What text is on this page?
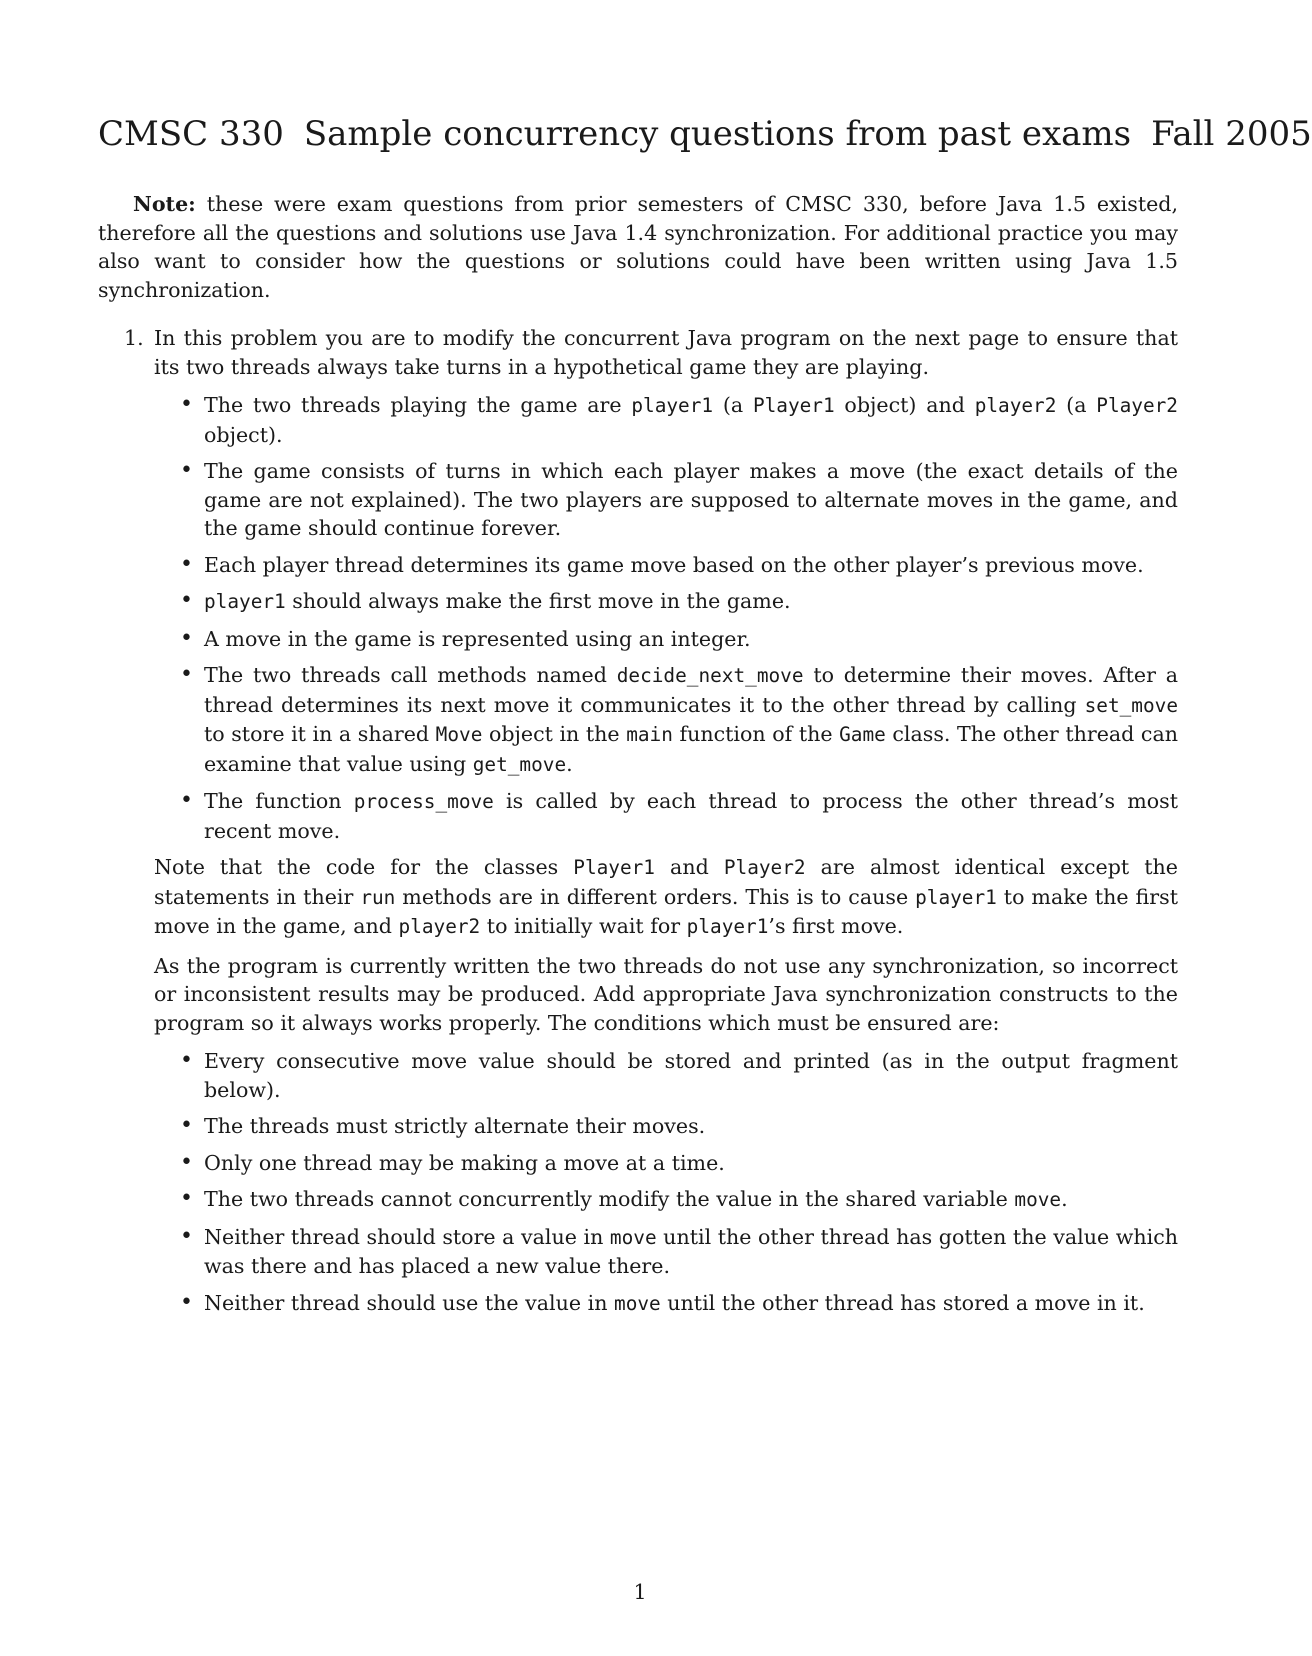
CMSC 330 Sample concurrency questions from past exams Fall 2005

Note: these were exam questions from prior semesters of CMSC 330, before Java 1.5 existed, therefore all the questions and solutions use Java 1.4 synchronization. For additional practice you may also want to consider how the questions or solutions could have been written using Java 1.5 synchronization.

1. In this problem you are to modify the concurrent Java program on the next page to ensure that its two threads always take turns in a hypothetical game they are playing.

• The two threads playing the game are player1 (a Player1 object) and player2 (a Player2 object).
• The game consists of turns in which each player makes a move (the exact details of the game are not explained). The two players are supposed to alternate moves in the game, and the game should continue forever.
• Each player thread determines its game move based on the other player’s previous move.
• player1 should always make the first move in the game.
• A move in the game is represented using an integer.
• The two threads call methods named decide_next_move to determine their moves. After a thread determines its next move it communicates it to the other thread by calling set_move to store it in a shared Move object in the main function of the Game class. The other thread can examine that value using get_move.
• The function process_move is called by each thread to process the other thread’s most recent move.

Note that the code for the classes Player1 and Player2 are almost identical except the statements in their run methods are in different orders. This is to cause player1 to make the first move in the game, and player2 to initially wait for player1’s first move.

As the program is currently written the two threads do not use any synchronization, so incorrect or inconsistent results may be produced. Add appropriate Java synchronization constructs to the program so it always works properly. The conditions which must be ensured are:

• Every consecutive move value should be stored and printed (as in the output fragment below).
• The threads must strictly alternate their moves.
• Only one thread may be making a move at a time.
• The two threads cannot concurrently modify the value in the shared variable move.
• Neither thread should store a value in move until the other thread has gotten the value which was there and has placed a new value there.
• Neither thread should use the value in move until the other thread has stored a move in it.
1
